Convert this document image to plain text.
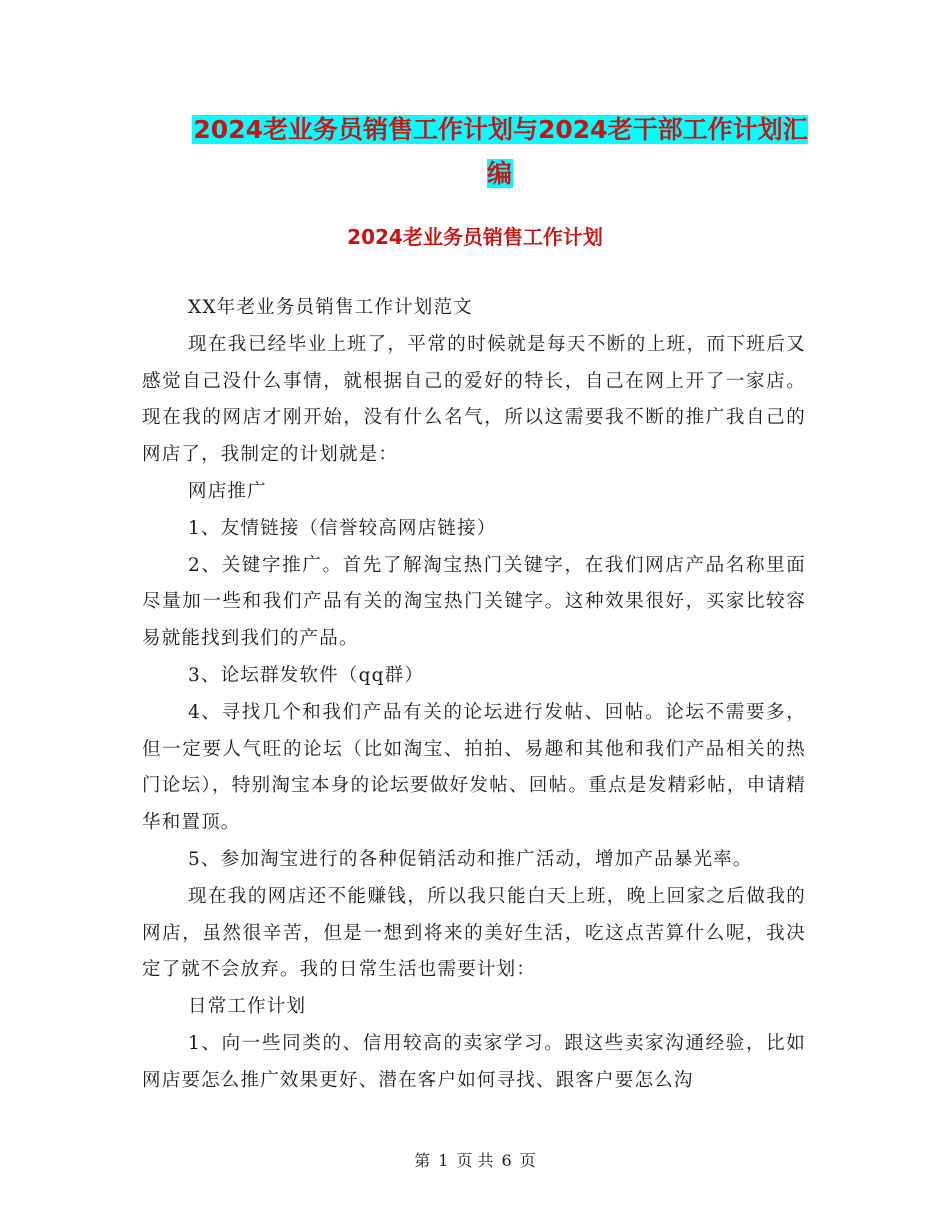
2024老业务员销售工作计划与2024老干部工作计划汇编
2024老业务员销售工作计划

XX年老业务员销售工作计划范文

现在我已经毕业上班了，平常的时候就是每天不断的上班，而下班后又感觉自己没什么事情，就根据自己的爱好的特长，自己在网上开了一家店。现在我的网店才刚开始，没有什么名气，所以这需要我不断的推广我自己的网店了，我制定的计划就是：

网店推广

1、友情链接（信誉较高网店链接）

2、关键字推广。首先了解淘宝热门关键字，在我们网店产品名称里面尽量加一些和我们产品有关的淘宝热门关键字。这种效果很好，买家比较容易就能找到我们的产品。

3、论坛群发软件（qq群）

4、寻找几个和我们产品有关的论坛进行发帖、回帖。论坛不需要多，但一定要人气旺的论坛（比如淘宝、拍拍、易趣和其他和我们产品相关的热门论坛），特别淘宝本身的论坛要做好发帖、回帖。重点是发精彩帖，申请精华和置顶。

5、参加淘宝进行的各种促销活动和推广活动，增加产品暴光率。

现在我的网店还不能赚钱，所以我只能白天上班，晚上回家之后做我的网店，虽然很辛苦，但是一想到将来的美好生活，吃这点苦算什么呢，我决定了就不会放弃。我的日常生活也需要计划：

日常工作计划

1、向一些同类的、信用较高的卖家学习。跟这些卖家沟通经验，比如网店要怎么推广效果更好、潜在客户如何寻找、跟客户要怎么沟

第 1 页 共 6 页
